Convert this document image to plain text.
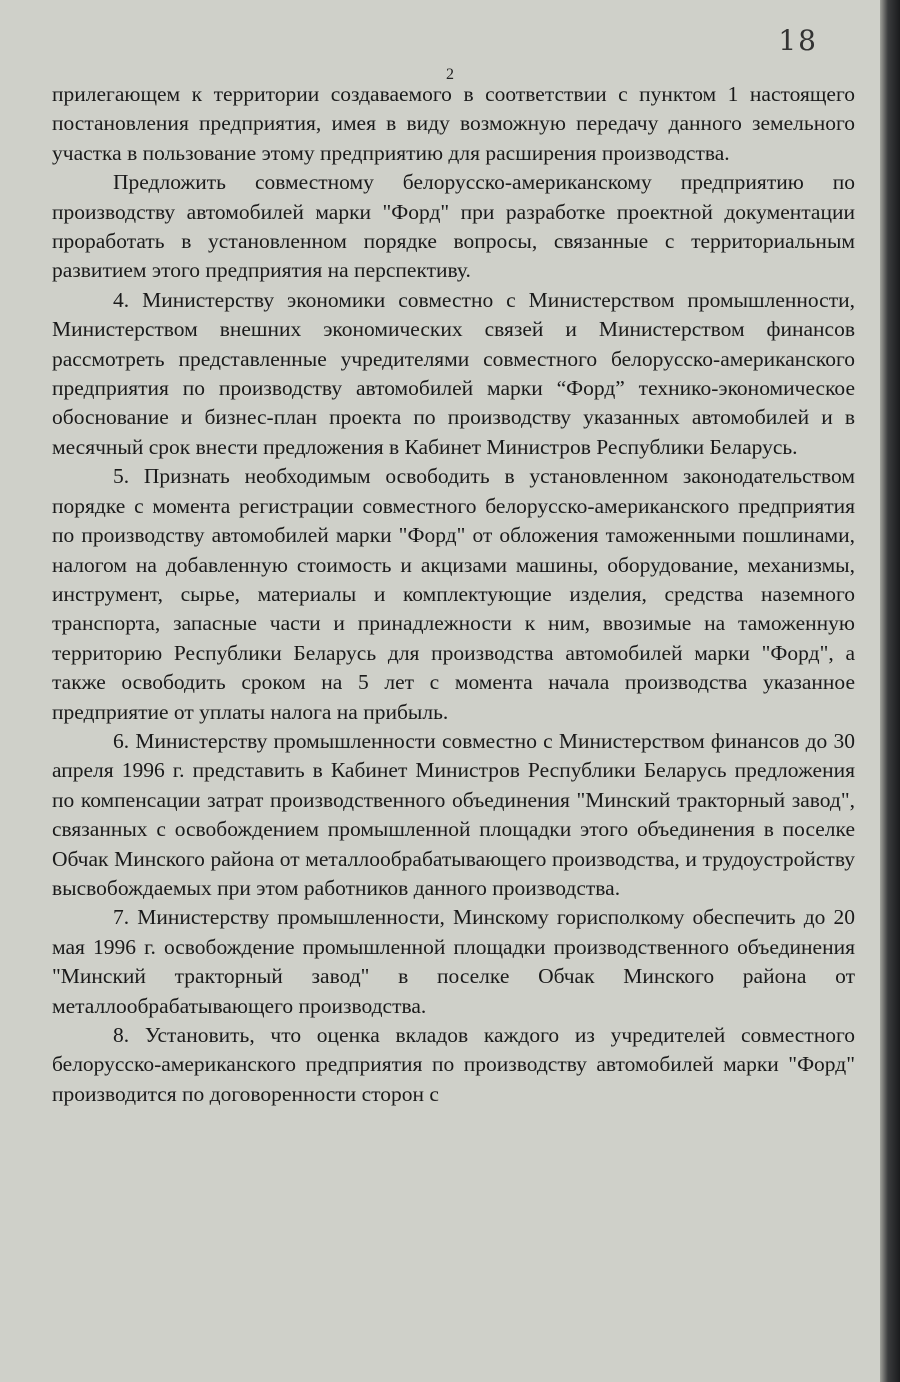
18
2

прилегающем к территории создаваемого в соответствии с пунктом 1 настоящего постановления предприятия, имея в виду возможную передачу данного земельного участка в пользование этому предприятию для расширения производства.

Предложить совместному белорусско-американскому предприятию по производству автомобилей марки "Форд" при разработке проектной документации проработать в установленном порядке вопросы, связанные с территориальным развитием этого предприятия на перспективу.

4. Министерству экономики совместно с Министерством промышленности, Министерством внешних экономических связей и Министерством финансов рассмотреть представленные учредителями совместного белорусско-американского предприятия по производству автомобилей марки “Форд” технико-экономическое обоснование и бизнес-план проекта по производству указанных автомобилей и в месячный срок внести предложения в Кабинет Министров Республики Беларусь.

5. Признать необходимым освободить в установленном законодательством порядке с момента регистрации совместного белорусско-американского предприятия по производству автомобилей марки "Форд" от обложения таможенными пошлинами, налогом на добавленную стоимость и акцизами машины, оборудование, механизмы, инструмент, сырье, материалы и комплектующие изделия, средства наземного транспорта, запасные части и принадлежности к ним, ввозимые на таможенную территорию Республики Беларусь для производства автомобилей марки "Форд", а также освободить сроком на 5 лет с момента начала производства указанное предприятие от уплаты налога на прибыль.

6. Министерству промышленности совместно с Министерством финансов до 30 апреля 1996 г. представить в Кабинет Министров Республики Беларусь предложения по компенсации затрат производственного объединения "Минский тракторный завод", связанных с освобождением промышленной площадки этого объединения в поселке Обчак Минского района от металлообрабатывающего производства, и трудоустройству высвобождаемых при этом работников данного производства.

7. Министерству промышленности, Минскому горисполкому обеспечить до 20 мая 1996 г. освобождение промышленной площадки производственного объединения "Минский тракторный завод" в поселке Обчак Минского района от металлообрабатывающего производства.

8. Установить, что оценка вкладов каждого из учредителей совместного белорусско-американского предприятия по производству автомобилей марки "Форд" производится по договоренности сторон с
